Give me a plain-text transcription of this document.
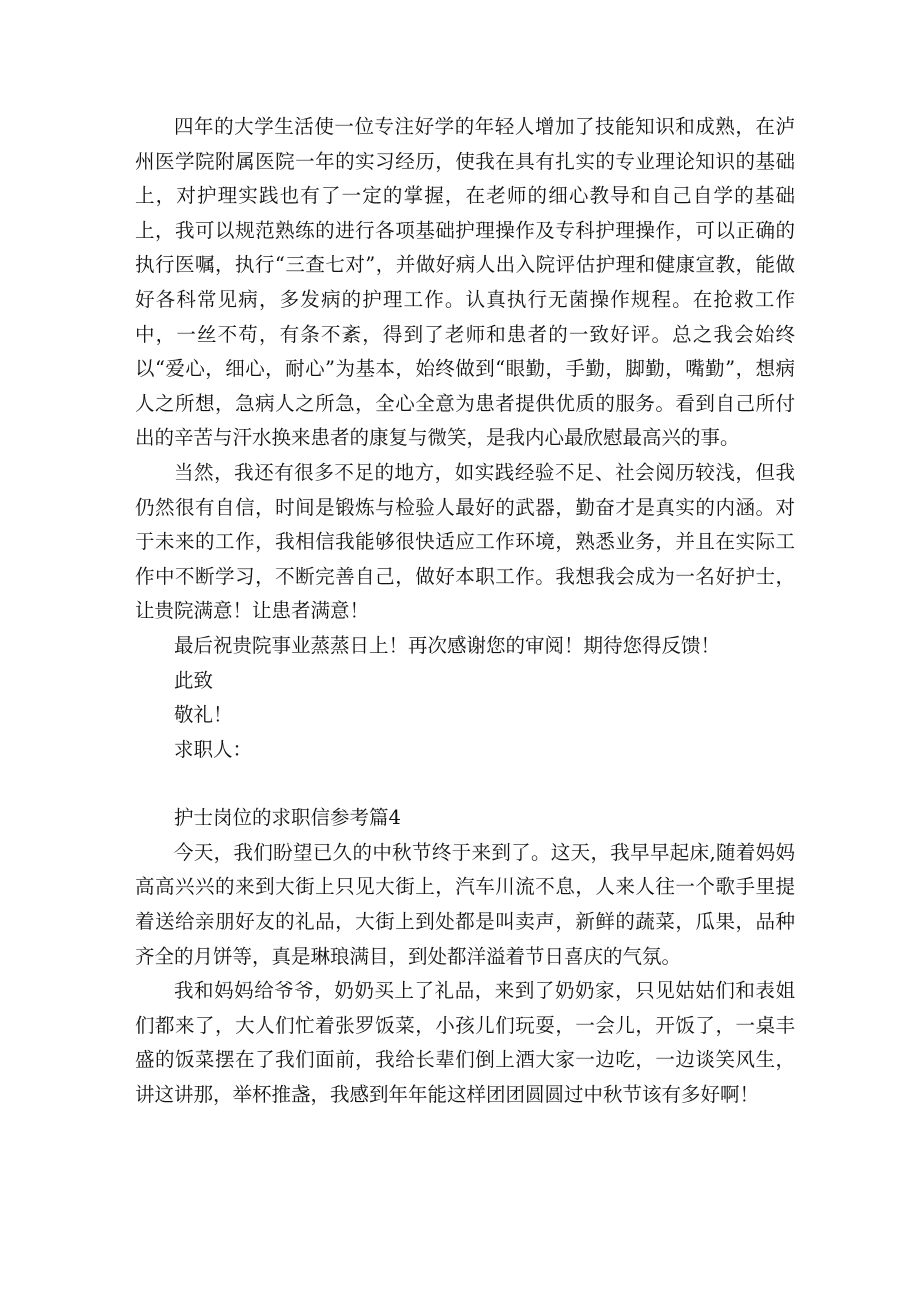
四年的大学生活使一位专注好学的年轻人增加了技能知识和成熟，在泸州医学院附属医院一年的实习经历，使我在具有扎实的专业理论知识的基础上，对护理实践也有了一定的掌握，在老师的细心教导和自己自学的基础上，我可以规范熟练的进行各项基础护理操作及专科护理操作，可以正确的执行医嘱，执行“三查七对”，并做好病人出入院评估护理和健康宣教，能做好各科常见病，多发病的护理工作。认真执行无菌操作规程。在抢救工作中，一丝不苟，有条不紊，得到了老师和患者的一致好评。总之我会始终以“爱心，细心，耐心”为基本，始终做到“眼勤，手勤，脚勤，嘴勤”，想病人之所想，急病人之所急，全心全意为患者提供优质的服务。看到自己所付出的辛苦与汗水换来患者的康复与微笑，是我内心最欣慰最高兴的事。

当然，我还有很多不足的地方，如实践经验不足、社会阅历较浅，但我仍然很有自信，时间是锻炼与检验人最好的武器，勤奋才是真实的内涵。对于未来的工作，我相信我能够很快适应工作环境，熟悉业务，并且在实际工作中不断学习，不断完善自己，做好本职工作。我想我会成为一名好护士，让贵院满意！让患者满意！

最后祝贵院事业蒸蒸日上！再次感谢您的审阅！期待您得反馈！

此致

敬礼！

求职人：

护士岗位的求职信参考篇4

今天，我们盼望已久的中秋节终于来到了。这天，我早早起床,随着妈妈高高兴兴的来到大街上只见大街上，汽车川流不息，人来人往一个歌手里提着送给亲朋好友的礼品，大街上到处都是叫卖声，新鲜的蔬菜，瓜果，品种齐全的月饼等，真是琳琅满目，到处都洋溢着节日喜庆的气氛。

我和妈妈给爷爷，奶奶买上了礼品，来到了奶奶家，只见姑姑们和表姐们都来了，大人们忙着张罗饭菜，小孩儿们玩耍，一会儿，开饭了，一桌丰盛的饭菜摆在了我们面前，我给长辈们倒上酒大家一边吃，一边谈笑风生，讲这讲那，举杯推盏，我感到年年能这样团团圆圆过中秋节该有多好啊！
